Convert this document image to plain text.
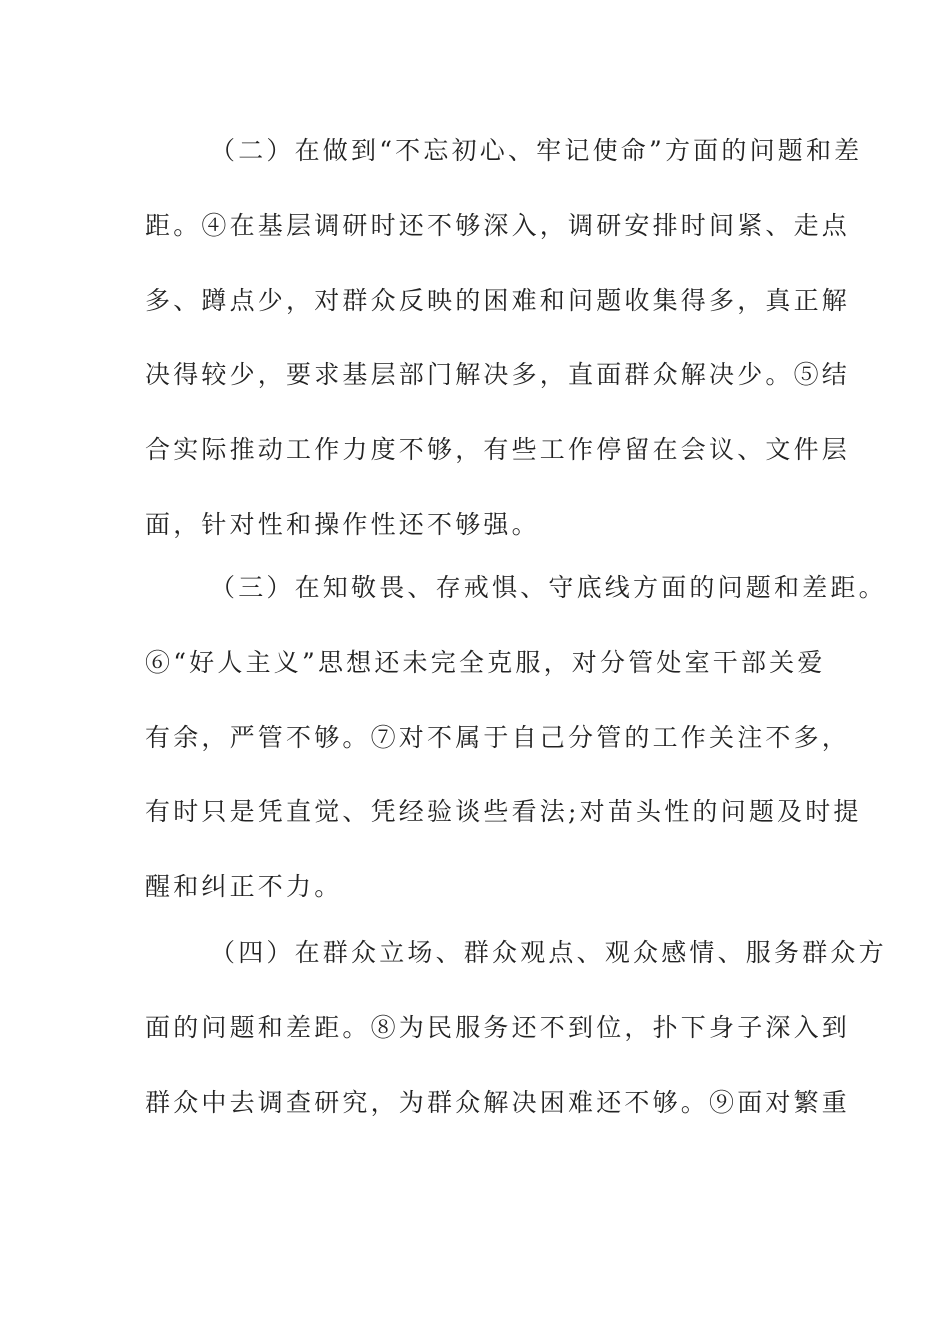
（二）在做到“不忘初心、牢记使命”方面的问题和差
距。④在基层调研时还不够深入，调研安排时间紧、走点
多、蹲点少，对群众反映的困难和问题收集得多，真正解
决得较少，要求基层部门解决多，直面群众解决少。⑤结
合实际推动工作力度不够，有些工作停留在会议、文件层
面，针对性和操作性还不够强。
（三）在知敬畏、存戒惧、守底线方面的问题和差距。
⑥“好人主义”思想还未完全克服，对分管处室干部关爱
有余，严管不够。⑦对不属于自己分管的工作关注不多，
有时只是凭直觉、凭经验谈些看法;对苗头性的问题及时提
醒和纠正不力。
（四）在群众立场、群众观点、观众感情、服务群众方
面的问题和差距。⑧为民服务还不到位，扑下身子深入到
群众中去调查研究，为群众解决困难还不够。⑨面对繁重
